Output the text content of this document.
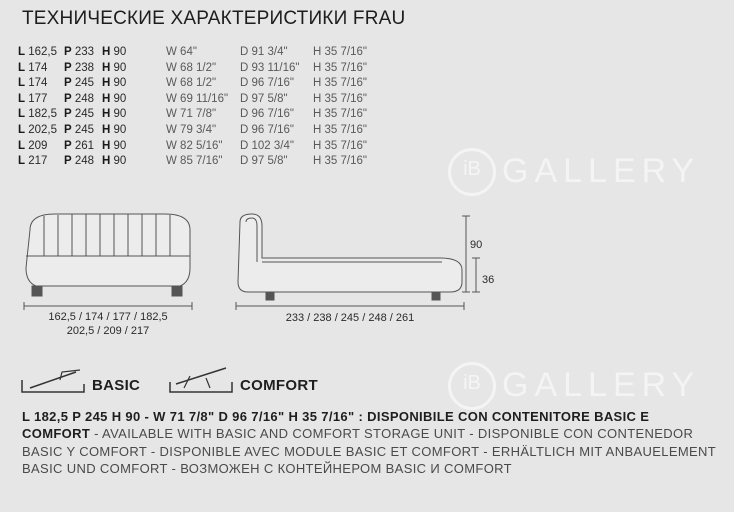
iB GALLERY
iB GALLERY
ТЕХНИЧЕСКИЕ ХАРАКТЕРИСТИКИ FRAU
L 162,5 P 233 H 90	W 64"	D 91 3/4" H 35 7/16"
L 174 P 238 H 90	W 68 1/2" D 93 11/16" H 35 7/16"
L 174 P 245 H 90	W 68 1/2" D 96 7/16" H 35 7/16"
L 177 P 248 H 90	W 69 11/16" D 97 5/8" H 35 7/16"
L 182,5 P 245 H 90	W 71 7/8" D 96 7/16" H 35 7/16"
L 202,5 P 245 H 90	W 79 3/4" D 96 7/16" H 35 7/16"
L 209 P 261 H 90	W 82 5/16" D 102 3/4" H 35 7/16"
L 217 P 248 H 90	W 85 7/16" D 97 5/8" H 35 7/16"
162,5 / 174 / 177 / 182,5
202,5 / 209 / 217
233 / 238 / 245 / 248 / 261
90
36
BASIC	COMFORT
L 182,5 P 245 H 90 - W 71 7/8" D 96 7/16" H 35 7/16" : DISPONIBILE CON CONTENITORE BASIC E COMFORT - AVAILABLE WITH BASIC AND COMFORT STORAGE UNIT - DISPONIBLE CON CONTENEDOR BASIC Y COMFORT - DISPONIBLE AVEC MODULE BASIC ET COMFORT - ERHÄLTLICH MIT ANBAUELEMENT BASIC UND COMFORT - ВОЗМОЖЕН С КОНТЕЙНЕРОМ BASIC И COMFORT
